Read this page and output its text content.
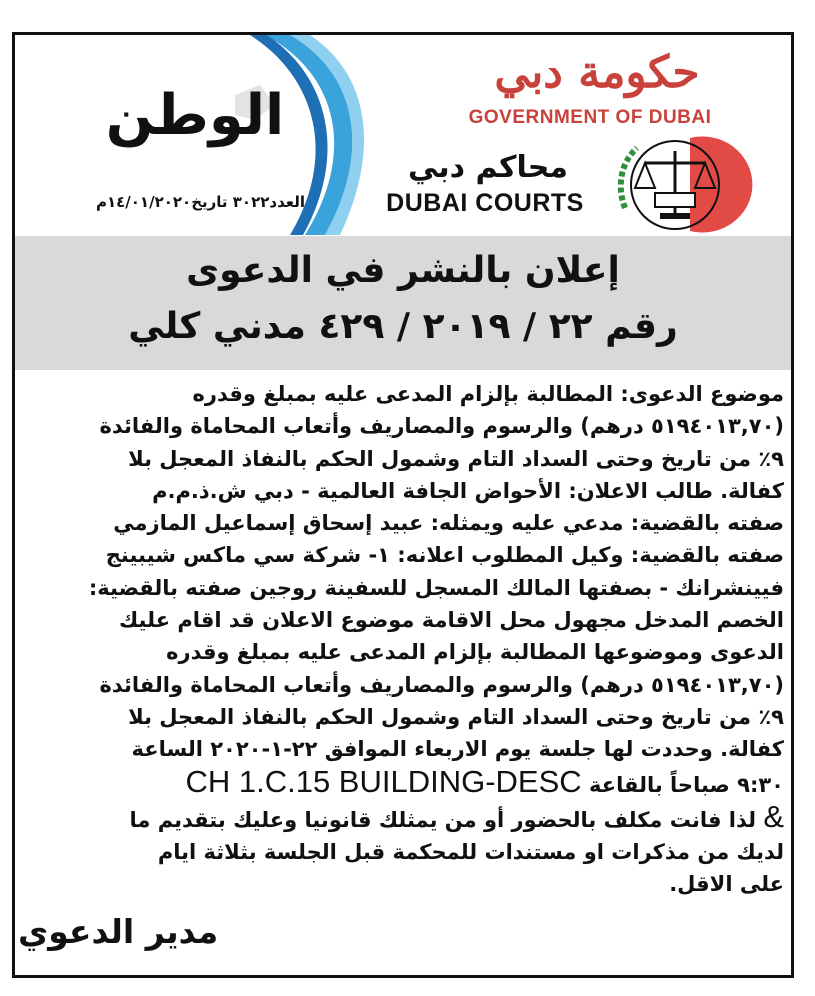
الوطن
العدد٣٠٢٢ تاريخ١٤/٠١/٢٠٢٠م
حكومة دبي
GOVERNMENT OF DUBAI
محاكم دبي
DUBAI COURTS
إعلان بالنشر في الدعوى
رقم ٢٢ / ٢٠١٩ / ٤٢٩ مدني كلي
موضوع الدعوى: المطالبة بإلزام المدعى عليه بمبلغ وقدره
(٥١٩٤٠١٣,٧٠ درهم) والرسوم والمصاريف وأتعاب المحاماة والفائدة
٩٪ من تاريخ وحتى السداد التام وشمول الحكم بالنفاذ المعجل بلا
كفالة. طالب الاعلان: الأحواض الجافة العالمية - دبي ش.ذ.م.م
صفته بالقضية: مدعي عليه ويمثله: عبيد إسحاق إسماعيل المازمي
صفته بالقضية: وكيل المطلوب اعلانه: ١- شركة سي ماكس شيبينج
فيينشرانك - بصفتها المالك المسجل للسفينة روجين صفته بالقضية:
الخصم المدخل مجهول محل الاقامة موضوع الاعلان قد اقام عليك
الدعوى وموضوعها المطالبة بإلزام المدعى عليه بمبلغ وقدره
(٥١٩٤٠١٣,٧٠ درهم) والرسوم والمصاريف وأتعاب المحاماة والفائدة
٩٪ من تاريخ وحتى السداد التام وشمول الحكم بالنفاذ المعجل بلا
كفالة. وحددت لها جلسة يوم الاربعاء الموافق ٢٢-١-٢٠٢٠ الساعة
٩:٣٠ صباحاً بالقاعة CH 1.C.15 BUILDING-DESC
& لذا فانت مكلف بالحضور أو من يمثلك قانونيا وعليك بتقديم ما
لديك من مذكرات او مستندات للمحكمة قبل الجلسة بثلاثة ايام
على الاقل.
مدير الدعوي
